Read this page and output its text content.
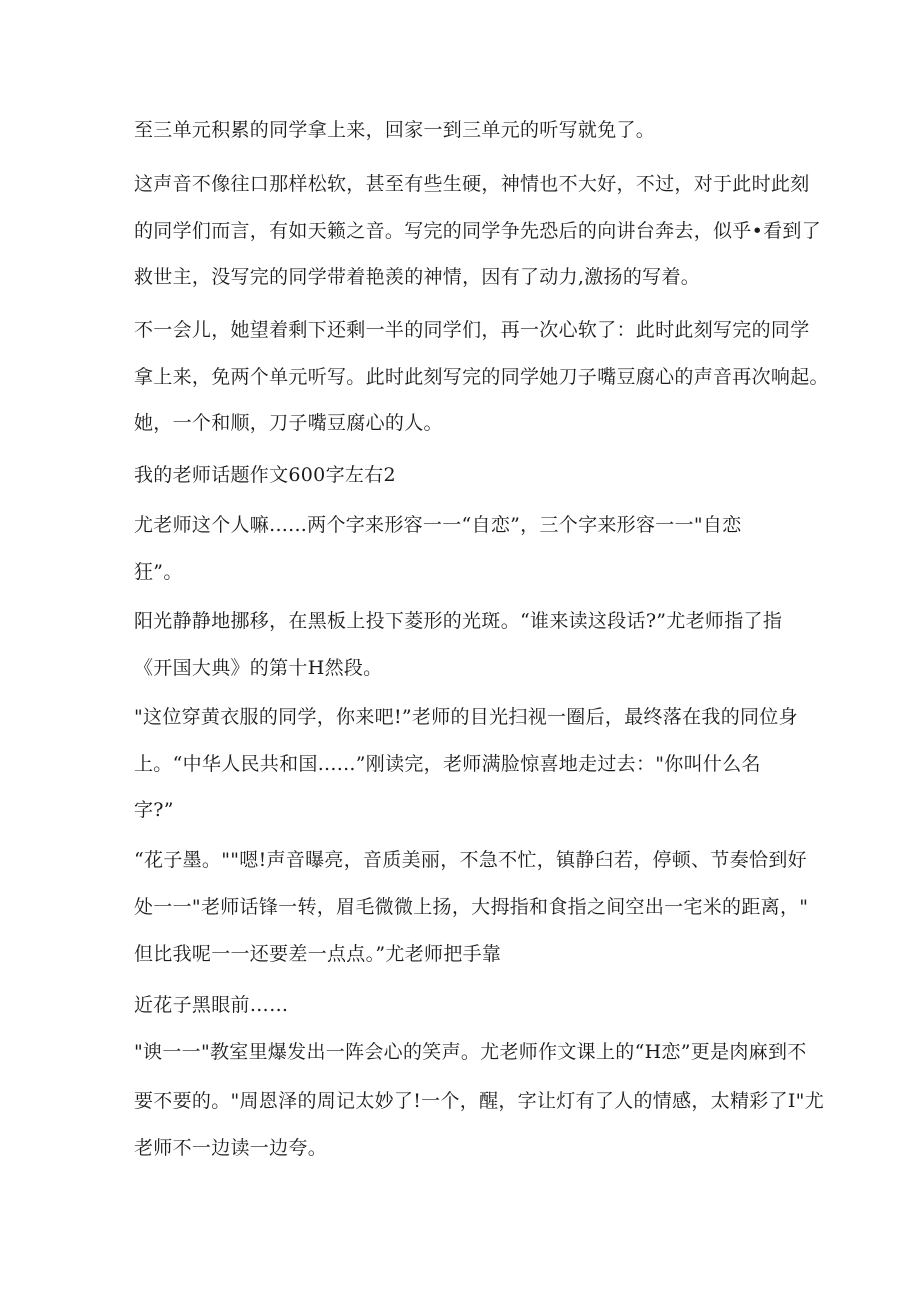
至三单元积累的同学拿上来，回家一到三单元的听写就免了。
这声音不像往口那样松软，甚至有些生硬，神情也不大好，不过，对于此时此刻
的同学们而言，有如天籁之音。写完的同学争先恐后的向讲台奔去，似乎•看到了
救世主，没写完的同学带着艳羡的神情，因有了动力,激扬的写着。
不一会儿，她望着剩下还剩一半的同学们，再一次心软了：此时此刻写完的同学
拿上来，免两个单元听写。此时此刻写完的同学她刀子嘴豆腐心的声音再次响起。
她，一个和顺，刀子嘴豆腐心的人。
我的老师话题作文600字左右2
尤老师这个人嘛......两个字来形容一一“自恋”，三个字来形容一一"自恋
狂”。
阳光静静地挪移，在黑板上投下菱形的光斑。“谁来读这段话?”尤老师指了指
《开国大典》的第十H然段。
"这位穿黄衣服的同学，你来吧!”老师的目光扫视一圈后，最终落在我的同位身
上。“中华人民共和国......”刚读完，老师满脸惊喜地走过去："你叫什么名
字?”
“花子墨。""嗯!声音曝亮，音质美丽，不急不忙，镇静臼若，停顿、节奏恰到好
处一一"老师话锋一转，眉毛微微上扬，大拇指和食指之间空出一宅米的距离，"
但比我呢一一还要差一点点。”尤老师把手靠
近花子黑眼前……
"谀一一"教室里爆发出一阵会心的笑声。尤老师作文课上的“H恋”更是肉麻到不
要不要的。"周恩泽的周记太妙了!一个，醒，字让灯有了人的情感，太精彩了I"尤
老师不一边读一边夸。
